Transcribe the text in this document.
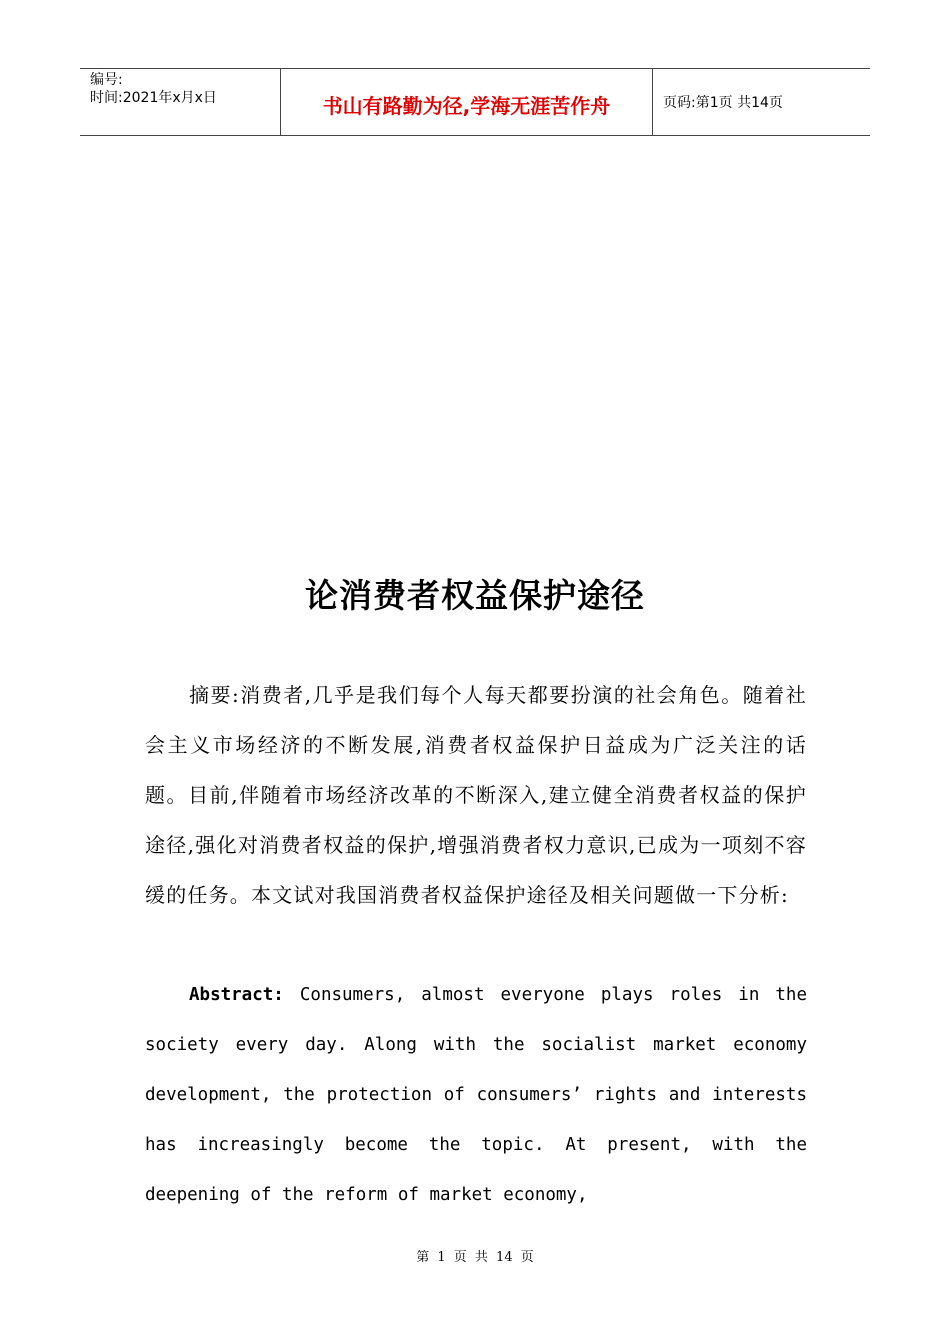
编号:
时间:2021年x月x日	书山有路勤为径,学海无涯苦作舟	页码:第1页 共14页
论消费者权益保护途径
摘要:消费者,几乎是我们每个人每天都要扮演的社会角色。随着社会主义市场经济的不断发展,消费者权益保护日益成为广泛关注的话题。目前,伴随着市场经济改革的不断深入,建立健全消费者权益的保护途径,强化对消费者权益的保护,增强消费者权力意识,已成为一项刻不容缓的任务。本文试对我国消费者权益保护途径及相关问题做一下分析:
Abstract: Consumers, almost everyone plays roles in the society every day. Along with the socialist market economy development, the protection of consumers’ rights and interests has increasingly become the topic. At present, with the deepening of the reform of market economy,
第 1 页 共 14 页
